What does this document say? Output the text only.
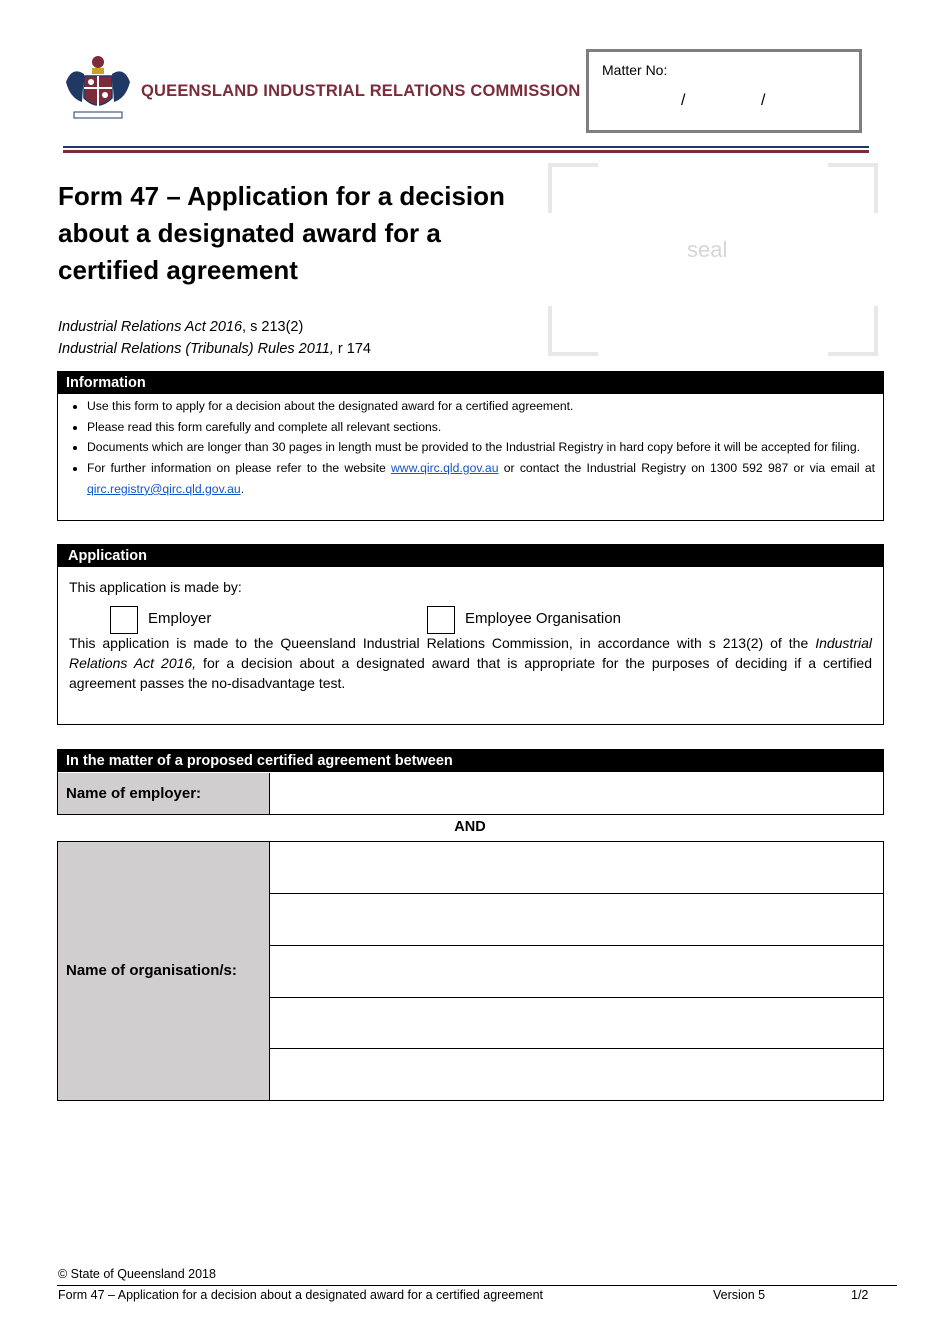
QUEENSLAND INDUSTRIAL RELATIONS COMMISSION
Matter No:
/	/
Form 47 – Application for a decision about a designated award for a certified agreement
seal
Industrial Relations Act 2016, s 213(2)
Industrial Relations (Tribunals) Rules 2011, r 174
Information
• Use this form to apply for a decision about the designated award for a certified agreement.
• Please read this form carefully and complete all relevant sections.
• Documents which are longer than 30 pages in length must be provided to the Industrial Registry in hard copy before it will be accepted for filing.
• For further information on please refer to the website www.qirc.qld.gov.au or contact the Industrial Registry on 1300 592 987 or via email at qirc.registry@qirc.qld.gov.au.
Application
This application is made by:
Employer	Employee Organisation
This application is made to the Queensland Industrial Relations Commission, in accordance with s 213(2) of the Industrial Relations Act 2016, for a decision about a designated award that is appropriate for the purposes of deciding if a certified agreement passes the no-disadvantage test.
In the matter of a proposed certified agreement between
Name of employer:
AND
Name of organisation/s:
© State of Queensland 2018
Form 47 – Application for a decision about a designated award for a certified agreement	Version 5	1/2
